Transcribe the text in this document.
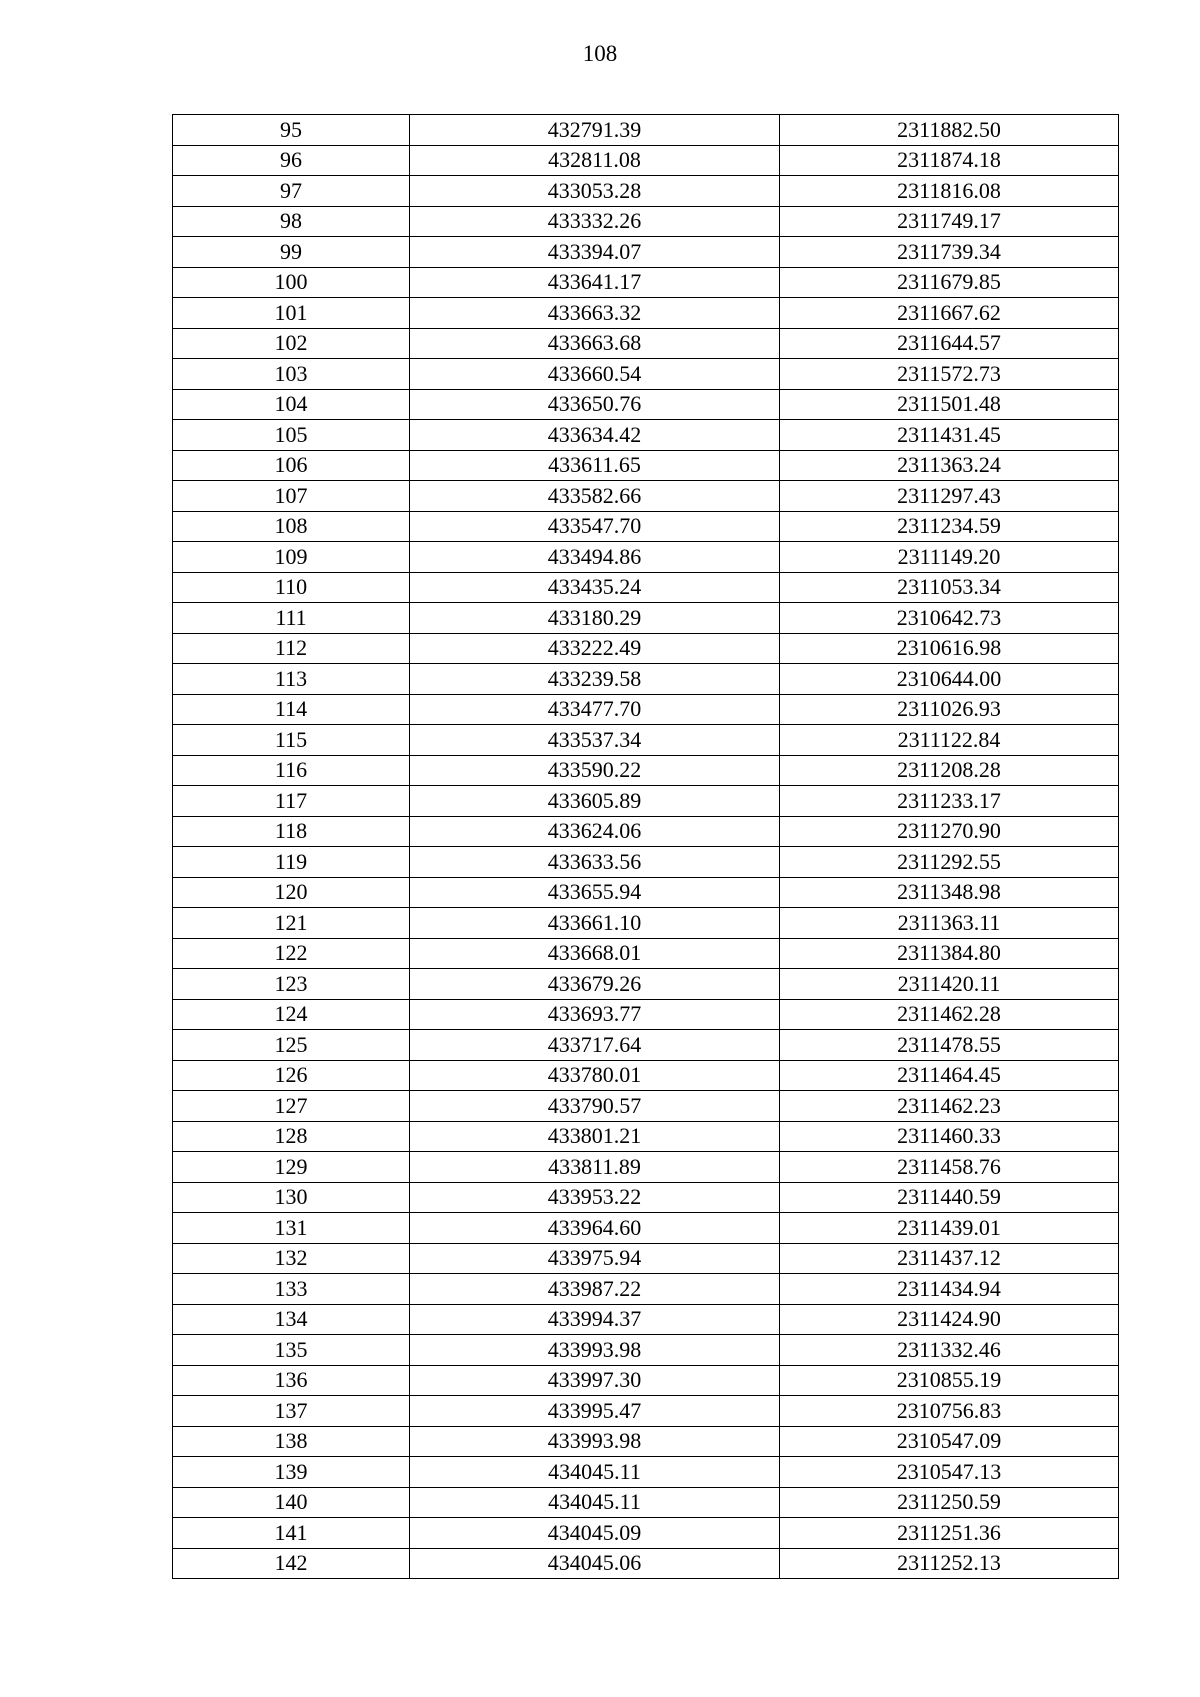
108
95	432791.39	2311882.50
96	432811.08	2311874.18
97	433053.28	2311816.08
98	433332.26	2311749.17
99	433394.07	2311739.34
100	433641.17	2311679.85
101	433663.32	2311667.62
102	433663.68	2311644.57
103	433660.54	2311572.73
104	433650.76	2311501.48
105	433634.42	2311431.45
106	433611.65	2311363.24
107	433582.66	2311297.43
108	433547.70	2311234.59
109	433494.86	2311149.20
110	433435.24	2311053.34
111	433180.29	2310642.73
112	433222.49	2310616.98
113	433239.58	2310644.00
114	433477.70	2311026.93
115	433537.34	2311122.84
116	433590.22	2311208.28
117	433605.89	2311233.17
118	433624.06	2311270.90
119	433633.56	2311292.55
120	433655.94	2311348.98
121	433661.10	2311363.11
122	433668.01	2311384.80
123	433679.26	2311420.11
124	433693.77	2311462.28
125	433717.64	2311478.55
126	433780.01	2311464.45
127	433790.57	2311462.23
128	433801.21	2311460.33
129	433811.89	2311458.76
130	433953.22	2311440.59
131	433964.60	2311439.01
132	433975.94	2311437.12
133	433987.22	2311434.94
134	433994.37	2311424.90
135	433993.98	2311332.46
136	433997.30	2310855.19
137	433995.47	2310756.83
138	433993.98	2310547.09
139	434045.11	2310547.13
140	434045.11	2311250.59
141	434045.09	2311251.36
142	434045.06	2311252.13
